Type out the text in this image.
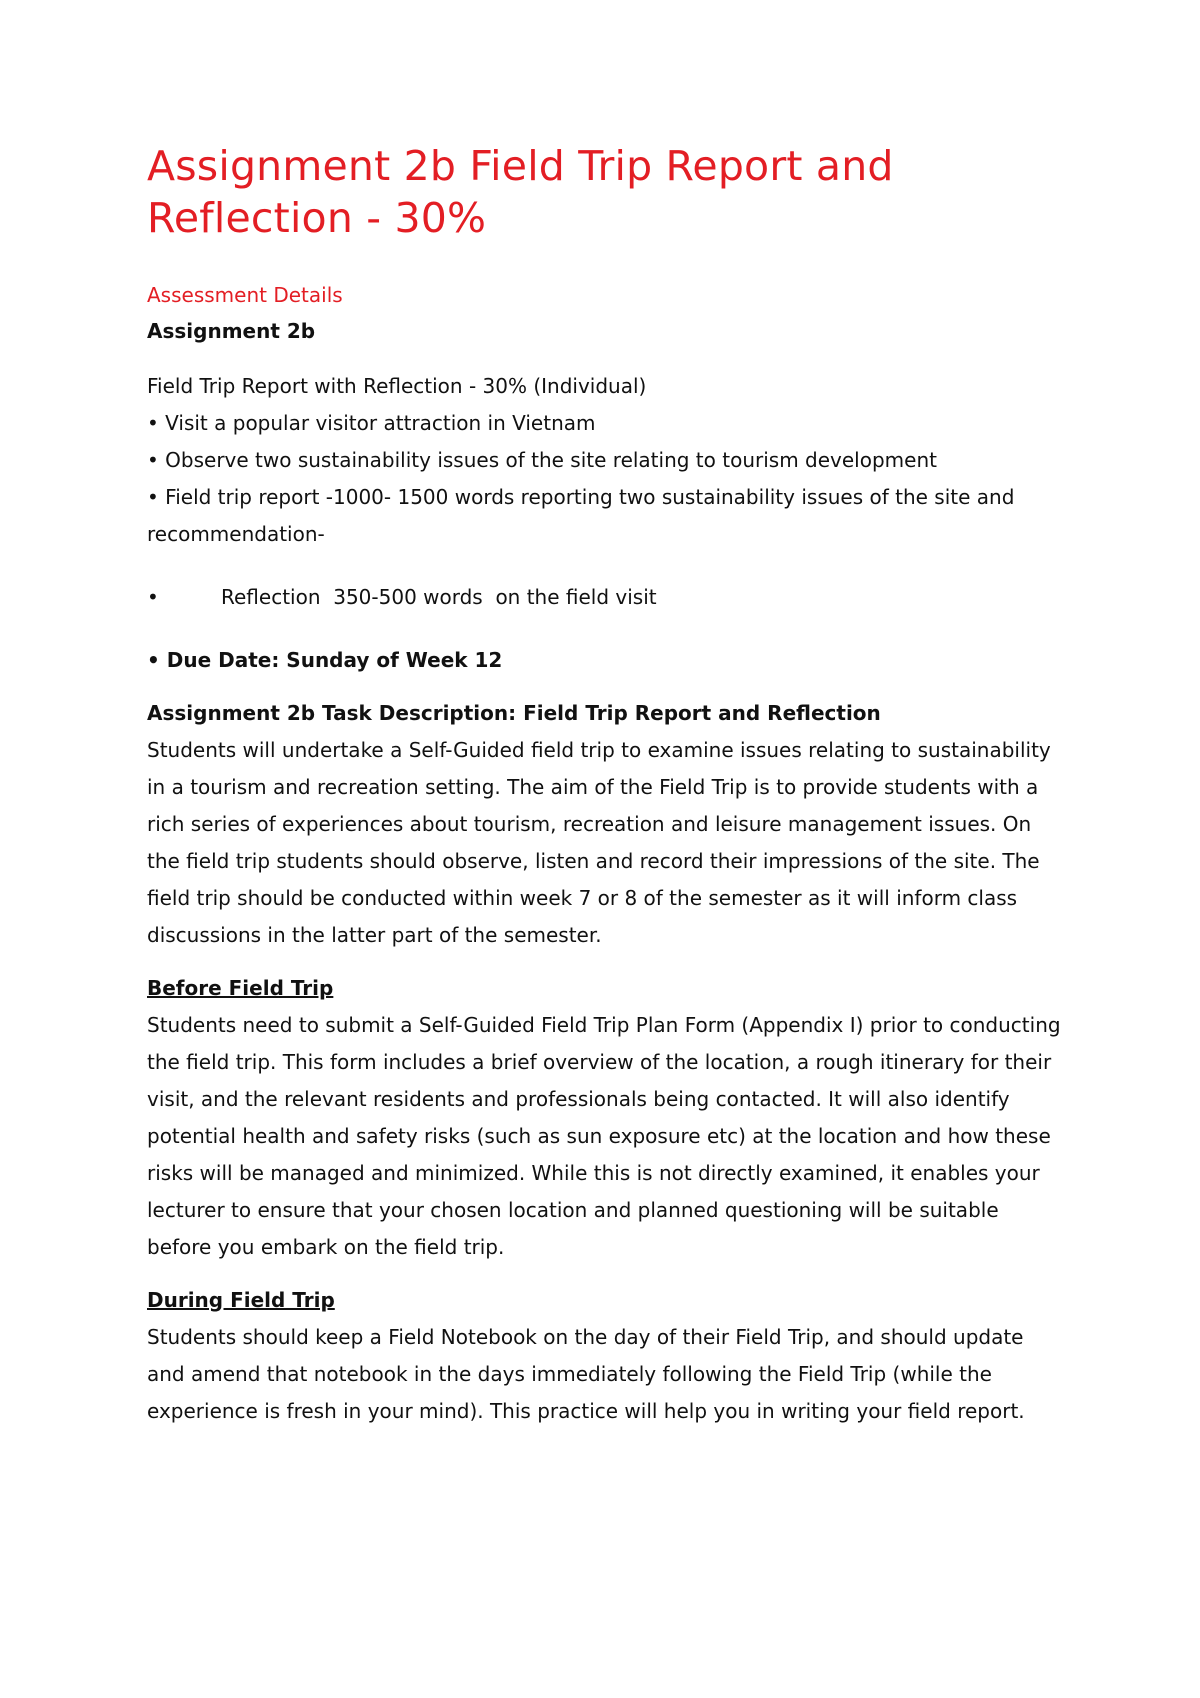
Assignment 2b Field Trip Report and Reflection - 30%
Assessment Details
Assignment 2b
Field Trip Report with Reflection - 30% (Individual)
• Visit a popular visitor attraction in Vietnam
• Observe two sustainability issues of the site relating to tourism development
• Field trip report -1000- 1500 words reporting two sustainability issues of the site and recommendation-
•	Reflection  350-500 words  on the field visit
• Due Date: Sunday of Week 12
Assignment 2b Task Description: Field Trip Report and Reflection

Students will undertake a Self-Guided field trip to examine issues relating to sustainability in a tourism and recreation setting. The aim of the Field Trip is to provide students with a rich series of experiences about tourism, recreation and leisure management issues. On the field trip students should observe, listen and record their impressions of the site. The field trip should be conducted within week 7 or 8 of the semester as it will inform class discussions in the latter part of the semester.

Before Field Trip

Students need to submit a Self-Guided Field Trip Plan Form (Appendix I) prior to conducting the field trip. This form includes a brief overview of the location, a rough itinerary for their visit, and the relevant residents and professionals being contacted. It will also identify potential health and safety risks (such as sun exposure etc) at the location and how these risks will be managed and minimized. While this is not directly examined, it enables your lecturer to ensure that your chosen location and planned questioning will be suitable before you embark on the field trip.

During Field Trip

Students should keep a Field Notebook on the day of their Field Trip, and should update and amend that notebook in the days immediately following the Field Trip (while the experience is fresh in your mind). This practice will help you in writing your field report.
